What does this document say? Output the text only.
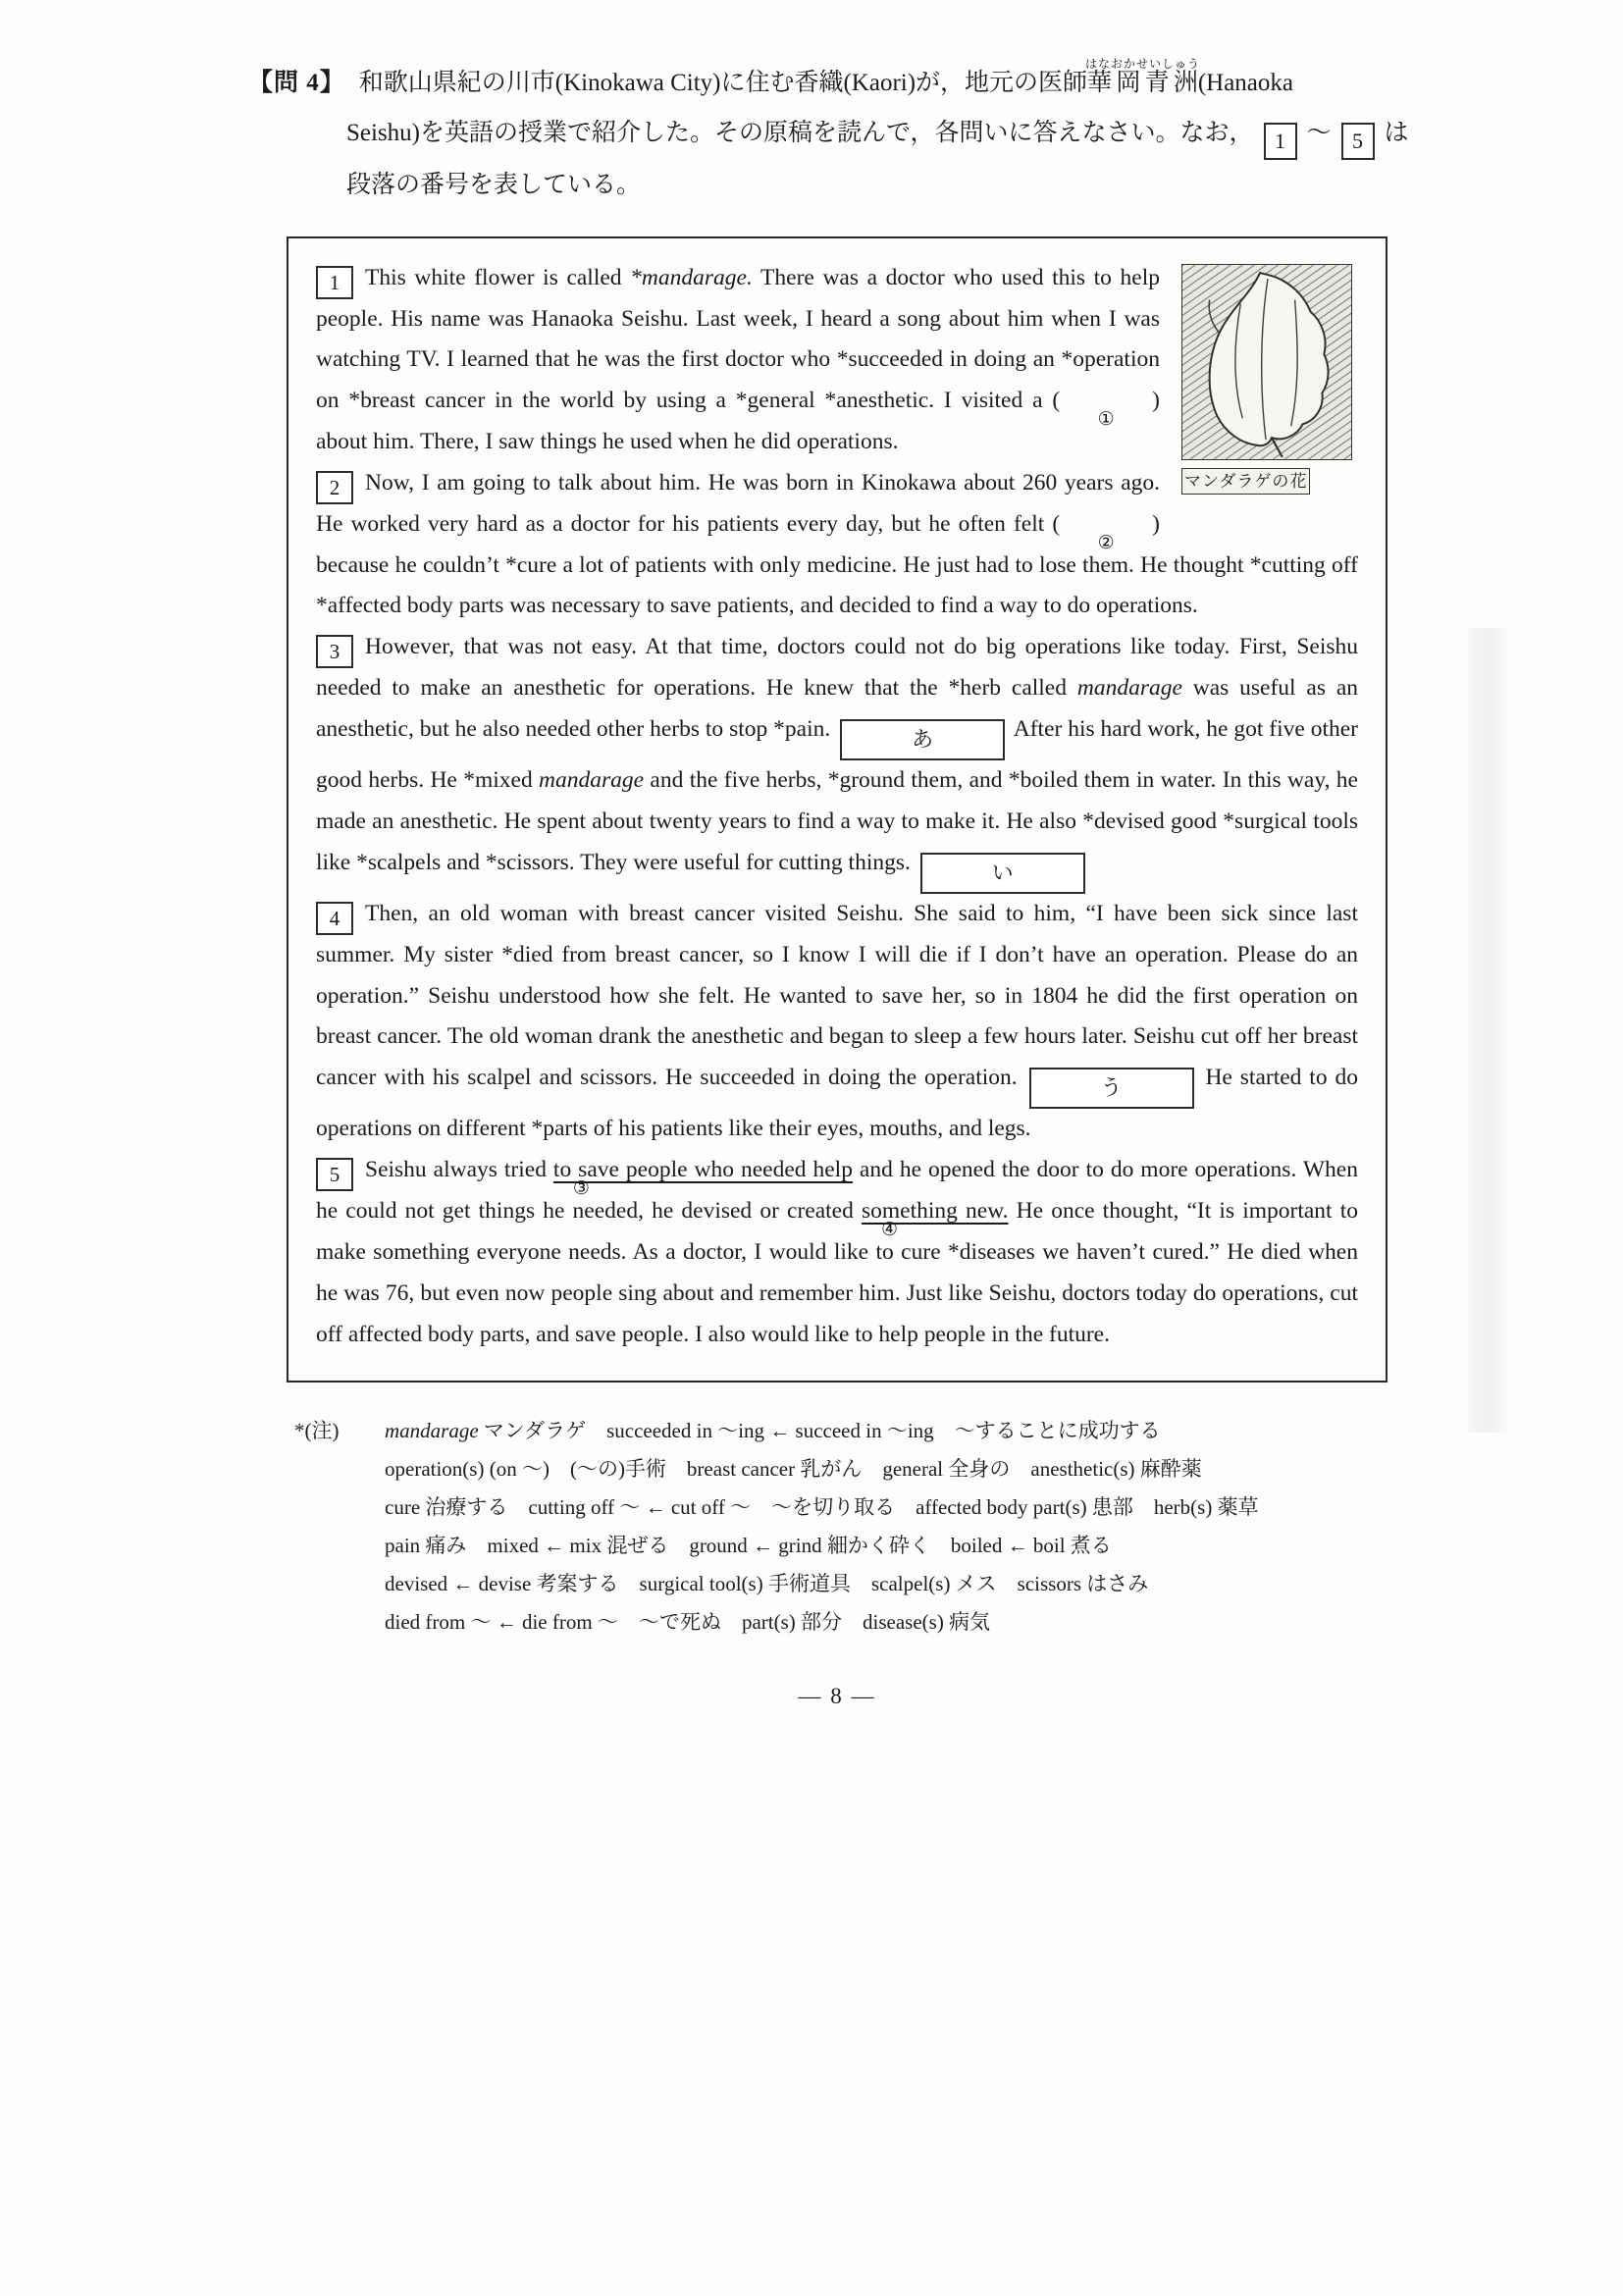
【問 4】 和歌山県紀の川市(Kinokawa City)に住む香織(Kaori)が，地元の医師華岡青洲はなおかせいしゅう(Hanaoka
Seishu)を英語の授業で紹介した。その原稿を読んで，各問いに答えなさい。なお， 1 ～ 5 は
段落の番号を表している。

マンダラゲの花
1 This white flower is called *mandarage. There was a doctor who used this to help people. His name was Hanaoka Seishu. Last week, I heard a song about him when I was watching TV. I learned that he was the first doctor who *succeeded in doing an *operation on *breast cancer in the world by using a *general *anesthetic. I visited a (　　　　)
①
about him. There, I saw things he used when he did operations.

2 Now, I am going to talk about him. He was born in Kinokawa about 260 years ago. He worked very hard as a doctor for his patients every day, but he often felt (　　　　)
②
because he couldn’t *cure a lot of patients with only medicine. He just had to lose them. He thought *cutting off *affected body parts was necessary to save patients, and decided to find a way to do operations.

3 However, that was not easy. At that time, doctors could not do big operations like today. First, Seishu needed to make an anesthetic for operations. He knew that the *herb called mandarage was useful as an anesthetic, but he also needed other herbs to stop *pain.	あ	After his hard work, he got five other good herbs. He *mixed mandarage and the five herbs, *ground them, and *boiled them in water. In this way, he made an anesthetic. He spent about twenty years to find a way to make it. He also *devised good *surgical tools like *scalpels and *scissors. They were useful for cutting things.	い

4 Then, an old woman with breast cancer visited Seishu. She said to him, “I have been sick since last summer. My sister *died from breast cancer, so I know I will die if I don’t have an operation. Please do an operation.” Seishu understood how she felt. He wanted to save her, so in 1804 he did the first operation on breast cancer. The old woman drank the anesthetic and began to sleep a few hours later. Seishu cut off her breast cancer with his scalpel and scissors. He succeeded in doing the operation.	う	He started to do operations on different *parts of his patients like their eyes, mouths, and legs.

5 Seishu always tried to save people who needed help
③
and he opened the door to do more operations. When he could not get things he needed, he devised or created something new.
④
He once thought, “It is important to make something everyone needs. As a doctor, I would like to cure *diseases we haven’t cured.” He died when he was 76, but even now people sing about and remember him. Just like Seishu, doctors today do operations, cut off affected body parts, and save people. I also would like to help people in the future.

*(注)	mandarage マンダラゲ　succeeded in ～ing ← succeed in ～ing　～することに成功する
operation(s) (on ～)　(～の)手術　breast cancer 乳がん　general 全身の　anesthetic(s) 麻酔薬
cure 治療する　cutting off ～ ← cut off ～　～を切り取る　affected body part(s) 患部　herb(s) 薬草
pain 痛み　mixed ← mix 混ぜる　ground ← grind 細かく砕く　boiled ← boil 煮る
devised ← devise 考案する　surgical tool(s) 手術道具　scalpel(s) メス　scissors はさみ
died from ～ ← die from ～　～で死ぬ　part(s) 部分　disease(s) 病気
— 8 —
